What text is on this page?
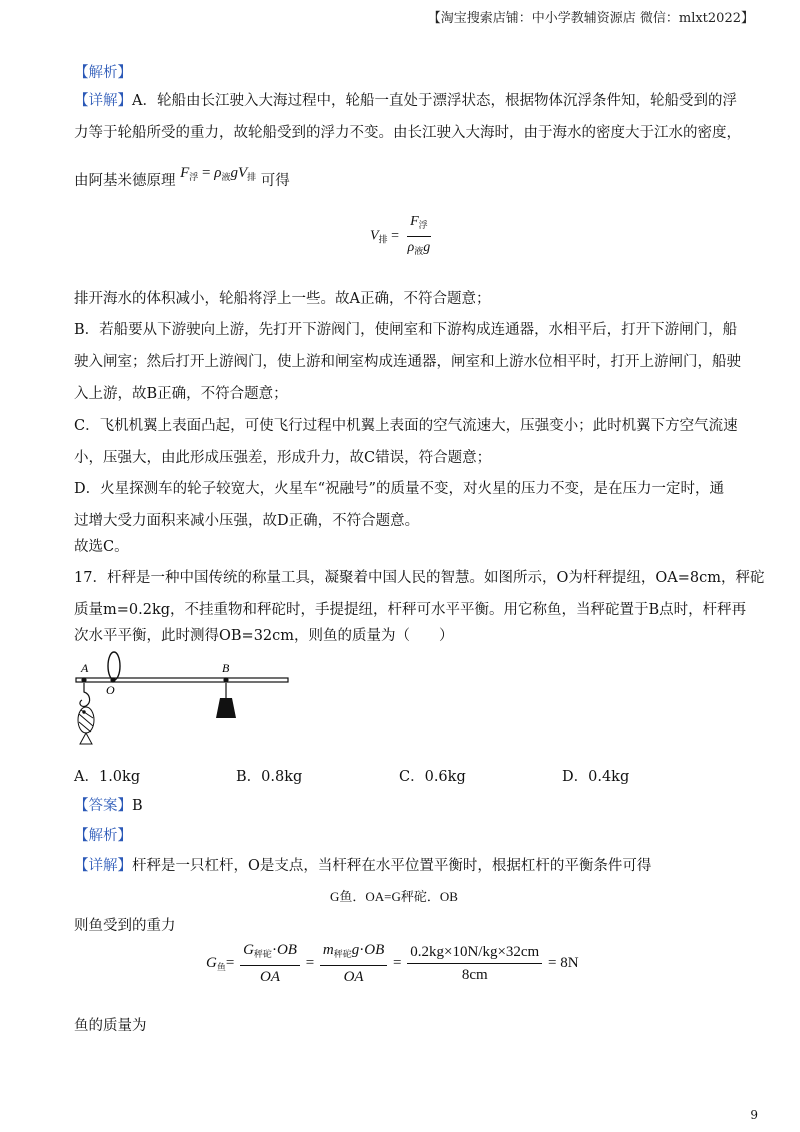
【淘宝搜索店铺：中小学教辅资源店 微信：mlxt2022】
【解析】
【详解】A．轮船由长江驶入大海过程中，轮船一直处于漂浮状态，根据物体沉浮条件知，轮船受到的浮
力等于轮船所受的重力，故轮船受到的浮力不变。由长江驶入大海时，由于海水的密度大于江水的密度，
由阿基米德原理 $F_浮 = \rho_液gV_排$ 可得
$V_排 = \frac{F_浮}{\rho_液g}$
排开海水的体积减小，轮船将浮上一些。故A正确，不符合题意；
B．若船要从下游驶向上游，先打开下游阀门，使闸室和下游构成连通器，水相平后，打开下游闸门，船
驶入闸室；然后打开上游阀门，使上游和闸室构成连通器，闸室和上游水位相平时，打开上游闸门，船驶
入上游，故B正确，不符合题意；
C．飞机机翼上表面凸起，可使飞行过程中机翼上表面的空气流速大，压强变小；此时机翼下方空气流速
小，压强大，由此形成压强差，形成升力，故C错误，符合题意；
D．火星探测车的轮子较宽大，火星车“祝融号”的质量不变，对火星的压力不变，是在压力一定时，通
过增大受力面积来减小压强，故D正确，不符合题意。
故选C。
17．杆秤是一种中国传统的称量工具，凝聚着中国人民的智慧。如图所示，O为杆秤提纽，OA=8cm，秤砣
质量m=0.2kg，不挂重物和秤砣时，手提提纽，杆秤可水平平衡。用它称鱼，当秤砣置于B点时，杆秤再
次水平平衡，此时测得OB=32cm，则鱼的质量为（　　）
A
O
B
A．1.0kg	B．0.8kg	C．0.6kg	D．0.4kg
【答案】B
【解析】
【详解】杆秤是一只杠杆，O是支点，当杆秤在水平位置平衡时，根据杠杆的平衡条件可得
G鱼．OA=G秤砣．OB
则鱼受到的重力
$G_鱼= \frac{G_{秤砣}\cdot OB}{OA} = \frac{m_{秤砣}g\cdot OB}{OA} = \frac{0.2kg\times 10N/kg\times 32cm}{8cm} = 8N$
鱼的质量为
9
